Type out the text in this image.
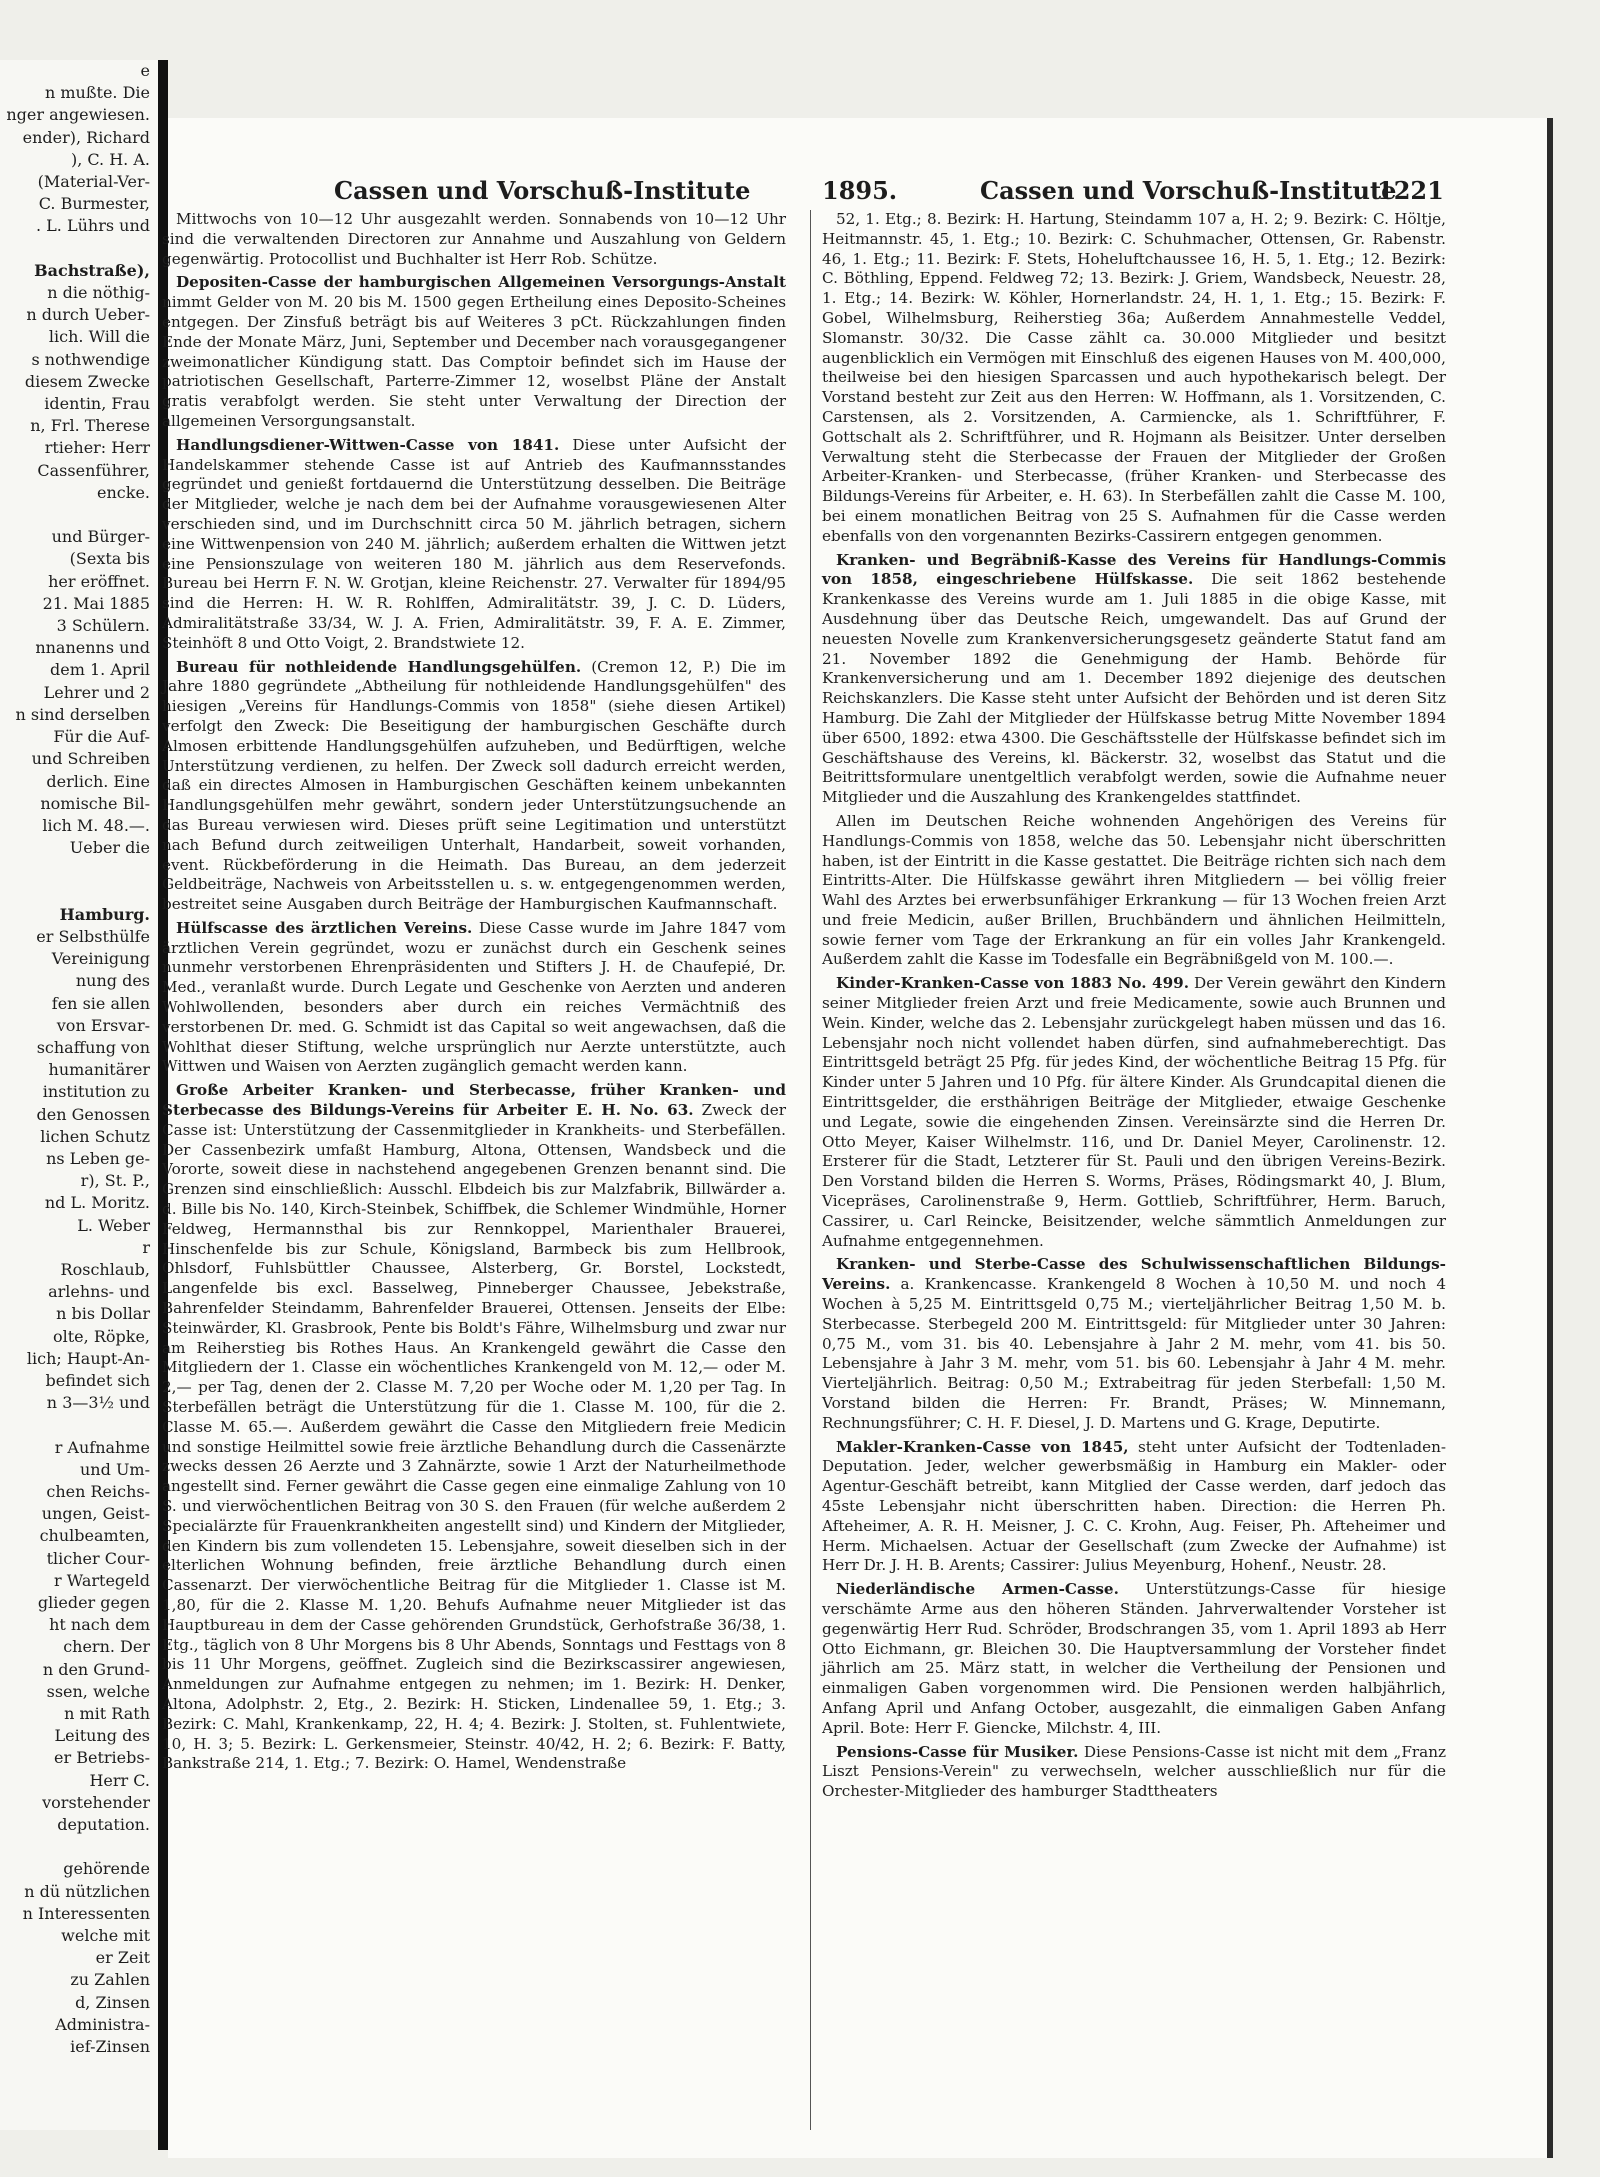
e
n mußte. Die
nger angewiesen.
ender), Richard
), C. H. A.
(Material-Ver-
C. Burmester,
. L. Lührs und

Bachstraße),
n die nöthig-
n durch Ueber-
lich. Will die
s nothwendige
diesem Zwecke
identin, Frau
n, Frl. Therese
rtieher: Herr
Cassenführer,
encke.

und Bürger-
(Sexta bis
her eröffnet.
21. Mai 1885
3 Schülern.
nnanenns und
dem 1. April
Lehrer und 2
n sind derselben
Für die Auf-
und Schreiben
derlich. Eine
nomische Bil-
lich M. 48.—.
Ueber die

Hamburg.
er Selbsthülfe
Vereinigung
nung des
fen sie allen
von Ersvar-
schaffung von
humanitärer
institution zu
den Genossen
lichen Schutz
ns Leben ge-
r), St. P.,
nd L. Moritz.
L. Weber
r
Roschlaub,
arlehns- und
n bis Dollar
olte, Röpke,
lich; Haupt-An-
befindet sich
n 3—3½ und

r Aufnahme
und Um-
chen Reichs-
ungen, Geist-
chulbeamten,
tlicher Cour-
r Wartegeld
glieder gegen
ht nach dem
chern. Der
n den Grund-
ssen, welche
n mit Rath
Leitung des
er Betriebs-
Herr C.
vorstehender
deputation.

gehörende
n dü nützlichen
n Interessenten
welche mit
er Zeit
zu Zahlen
d, Zinsen
Administra-
ief-Zinsen
Cassen und Vorschuß-Institute	1895.	Cassen und Vorschuß-Institute
1221

Mittwochs von 10—12 Uhr ausgezahlt werden. Sonnabends von 10—12 Uhr sind die verwaltenden Directoren zur Annahme und Auszahlung von Geldern gegenwärtig. Protocollist und Buchhalter ist Herr Rob. Schütze.

Depositen-Casse der hamburgischen Allgemeinen Versorgungs-Anstalt nimmt Gelder von M. 20 bis M. 1500 gegen Ertheilung eines Deposito-Scheines entgegen. Der Zinsfuß beträgt bis auf Weiteres 3 pCt. Rückzahlungen finden Ende der Monate März, Juni, September und December nach vorausgegangener zweimonatlicher Kündigung statt. Das Comptoir befindet sich im Hause der patriotischen Gesellschaft, Parterre-Zimmer 12, woselbst Pläne der Anstalt gratis verabfolgt werden. Sie steht unter Verwaltung der Direction der allgemeinen Versorgungsanstalt.

Handlungsdiener-Wittwen-Casse von 1841. Diese unter Aufsicht der Handelskammer stehende Casse ist auf Antrieb des Kaufmannsstandes gegründet und genießt fortdauernd die Unterstützung desselben. Die Beiträge der Mitglieder, welche je nach dem bei der Aufnahme vorausgewiesenen Alter verschieden sind, und im Durchschnitt circa 50 M. jährlich betragen, sichern eine Wittwenpension von 240 M. jährlich; außerdem erhalten die Wittwen jetzt eine Pensionszulage von weiteren 180 M. jährlich aus dem Reservefonds. Bureau bei Herrn F. N. W. Grotjan, kleine Reichenstr. 27. Verwalter für 1894/95 sind die Herren: H. W. R. Rohlffen, Admiralitätstr. 39, J. C. D. Lüders, Admiralitätstraße 33/34, W. J. A. Frien, Admiralitätstr. 39, F. A. E. Zimmer, Steinhöft 8 und Otto Voigt, 2. Brandstwiete 12.

Bureau für nothleidende Handlungsgehülfen. (Cremon 12, P.) Die im Jahre 1880 gegründete „Abtheilung für nothleidende Handlungsgehülfen" des hiesigen „Vereins für Handlungs-Commis von 1858" (siehe diesen Artikel) verfolgt den Zweck: Die Beseitigung der hamburgischen Geschäfte durch Almosen erbittende Handlungsgehülfen aufzuheben, und Bedürftigen, welche Unterstützung verdienen, zu helfen. Der Zweck soll dadurch erreicht werden, daß ein directes Almosen in Hamburgischen Geschäften keinem unbekannten Handlungsgehülfen mehr gewährt, sondern jeder Unterstützungsuchende an das Bureau verwiesen wird. Dieses prüft seine Legitimation und unterstützt nach Befund durch zeitweiligen Unterhalt, Handarbeit, soweit vorhanden, event. Rückbeförderung in die Heimath. Das Bureau, an dem jederzeit Geldbeiträge, Nachweis von Arbeitsstellen u. s. w. entgegengenommen werden, bestreitet seine Ausgaben durch Beiträge der Hamburgischen Kaufmannschaft.

Hülfscasse des ärztlichen Vereins. Diese Casse wurde im Jahre 1847 vom ärztlichen Verein gegründet, wozu er zunächst durch ein Geschenk seines nunmehr verstorbenen Ehrenpräsidenten und Stifters J. H. de Chaufepié, Dr. Med., veranlaßt wurde. Durch Legate und Geschenke von Aerzten und anderen Wohlwollenden, besonders aber durch ein reiches Vermächtniß des verstorbenen Dr. med. G. Schmidt ist das Capital so weit angewachsen, daß die Wohlthat dieser Stiftung, welche ursprünglich nur Aerzte unterstützte, auch Wittwen und Waisen von Aerzten zugänglich gemacht werden kann.

Große Arbeiter Kranken- und Sterbecasse, früher Kranken- und Sterbecasse des Bildungs-Vereins für Arbeiter E. H. No. 63. Zweck der Casse ist: Unterstützung der Cassenmitglieder in Krankheits- und Sterbefällen. Der Cassenbezirk umfaßt Hamburg, Altona, Ottensen, Wandsbeck und die Vororte, soweit diese in nachstehend angegebenen Grenzen benannt sind. Die Grenzen sind einschließlich: Ausschl. Elbdeich bis zur Malzfabrik, Billwärder a. d. Bille bis No. 140, Kirch-Steinbek, Schiffbek, die Schlemer Windmühle, Horner Feldweg, Hermannsthal bis zur Rennkoppel, Marienthaler Brauerei, Hinschenfelde bis zur Schule, Königsland, Barmbeck bis zum Hellbrook, Ohlsdorf, Fuhlsbüttler Chaussee, Alsterberg, Gr. Borstel, Lockstedt, Langenfelde bis excl. Basselweg, Pinneberger Chaussee, Jebekstraße, Bahrenfelder Steindamm, Bahrenfelder Brauerei, Ottensen. Jenseits der Elbe: Steinwärder, Kl. Grasbrook, Pente bis Boldt's Fähre, Wilhelmsburg und zwar nur am Reiherstieg bis Rothes Haus. An Krankengeld gewährt die Casse den Mitgliedern der 1. Classe ein wöchentliches Krankengeld von M. 12,— oder M. 2,— per Tag, denen der 2. Classe M. 7,20 per Woche oder M. 1,20 per Tag. In Sterbefällen beträgt die Unterstützung für die 1. Classe M. 100, für die 2. Classe M. 65.—. Außerdem gewährt die Casse den Mitgliedern freie Medicin und sonstige Heilmittel sowie freie ärztliche Behandlung durch die Cassenärzte zwecks dessen 26 Aerzte und 3 Zahnärzte, sowie 1 Arzt der Naturheilmethode angestellt sind. Ferner gewährt die Casse gegen eine einmalige Zahlung von 10 S. und vierwöchentlichen Beitrag von 30 S. den Frauen (für welche außerdem 2 Specialärzte für Frauenkrankheiten angestellt sind) und Kindern der Mitglieder, den Kindern bis zum vollendeten 15. Lebensjahre, soweit dieselben sich in der elterlichen Wohnung befinden, freie ärztliche Behandlung durch einen Cassenarzt. Der vierwöchentliche Beitrag für die Mitglieder 1. Classe ist M. 1,80, für die 2. Klasse M. 1,20. Behufs Aufnahme neuer Mitglieder ist das Hauptbureau in dem der Casse gehörenden Grundstück, Gerhofstraße 36/38, 1. Etg., täglich von 8 Uhr Morgens bis 8 Uhr Abends, Sonntags und Festtags von 8 bis 11 Uhr Morgens, geöffnet. Zugleich sind die Bezirkscassirer angewiesen, Anmeldungen zur Aufnahme entgegen zu nehmen; im 1. Bezirk: H. Denker, Altona, Adolphstr. 2, Etg., 2. Bezirk: H. Sticken, Lindenallee 59, 1. Etg.; 3. Bezirk: C. Mahl, Krankenkamp, 22, H. 4; 4. Bezirk: J. Stolten, st. Fuhlentwiete, 10, H. 3; 5. Bezirk: L. Gerkensmeier, Steinstr. 40/42, H. 2; 6. Bezirk: F. Batty, Bankstraße 214, 1. Etg.; 7. Bezirk: O. Hamel, Wendenstraße

52, 1. Etg.; 8. Bezirk: H. Hartung, Steindamm 107 a, H. 2; 9. Bezirk: C. Höltje, Heitmannstr. 45, 1. Etg.; 10. Bezirk: C. Schuhmacher, Ottensen, Gr. Rabenstr. 46, 1. Etg.; 11. Bezirk: F. Stets, Hoheluftchaussee 16, H. 5, 1. Etg.; 12. Bezirk: C. Böthling, Eppend. Feldweg 72; 13. Bezirk: J. Griem, Wandsbeck, Neuestr. 28, 1. Etg.; 14. Bezirk: W. Köhler, Hornerlandstr. 24, H. 1, 1. Etg.; 15. Bezirk: F. Gobel, Wilhelmsburg, Reiherstieg 36a; Außerdem Annahmestelle Veddel, Slomanstr. 30/32. Die Casse zählt ca. 30.000 Mitglieder und besitzt augenblicklich ein Vermögen mit Einschluß des eigenen Hauses von M. 400,000, theilweise bei den hiesigen Sparcassen und auch hypothekarisch belegt. Der Vorstand besteht zur Zeit aus den Herren: W. Hoffmann, als 1. Vorsitzenden, C. Carstensen, als 2. Vorsitzenden, A. Carmiencke, als 1. Schriftführer, F. Gottschalt als 2. Schriftführer, und R. Hojmann als Beisitzer. Unter derselben Verwaltung steht die Sterbecasse der Frauen der Mitglieder der Großen Arbeiter-Kranken- und Sterbecasse, (früher Kranken- und Sterbecasse des Bildungs-Vereins für Arbeiter, e. H. 63). In Sterbefällen zahlt die Casse M. 100, bei einem monatlichen Beitrag von 25 S. Aufnahmen für die Casse werden ebenfalls von den vorgenannten Bezirks-Cassirern entgegen genommen.

Kranken- und Begräbniß-Kasse des Vereins für Handlungs-Commis von 1858, eingeschriebene Hülfskasse. Die seit 1862 bestehende Krankenkasse des Vereins wurde am 1. Juli 1885 in die obige Kasse, mit Ausdehnung über das Deutsche Reich, umgewandelt. Das auf Grund der neuesten Novelle zum Krankenversicherungsgesetz geänderte Statut fand am 21. November 1892 die Genehmigung der Hamb. Behörde für Krankenversicherung und am 1. December 1892 diejenige des deutschen Reichskanzlers. Die Kasse steht unter Aufsicht der Behörden und ist deren Sitz Hamburg. Die Zahl der Mitglieder der Hülfskasse betrug Mitte November 1894 über 6500, 1892: etwa 4300. Die Geschäftsstelle der Hülfskasse befindet sich im Geschäftshause des Vereins, kl. Bäckerstr. 32, woselbst das Statut und die Beitrittsformulare unentgeltlich verabfolgt werden, sowie die Aufnahme neuer Mitglieder und die Auszahlung des Krankengeldes stattfindet.

Allen im Deutschen Reiche wohnenden Angehörigen des Vereins für Handlungs-Commis von 1858, welche das 50. Lebensjahr nicht überschritten haben, ist der Eintritt in die Kasse gestattet. Die Beiträge richten sich nach dem Eintritts-Alter. Die Hülfskasse gewährt ihren Mitgliedern — bei völlig freier Wahl des Arztes bei erwerbsunfähiger Erkrankung — für 13 Wochen freien Arzt und freie Medicin, außer Brillen, Bruchbändern und ähnlichen Heilmitteln, sowie ferner vom Tage der Erkrankung an für ein volles Jahr Krankengeld. Außerdem zahlt die Kasse im Todesfalle ein Begräbnißgeld von M. 100.—.

Kinder-Kranken-Casse von 1883 No. 499. Der Verein gewährt den Kindern seiner Mitglieder freien Arzt und freie Medicamente, sowie auch Brunnen und Wein. Kinder, welche das 2. Lebensjahr zurückgelegt haben müssen und das 16. Lebensjahr noch nicht vollendet haben dürfen, sind aufnahmeberechtigt. Das Eintrittsgeld beträgt 25 Pfg. für jedes Kind, der wöchentliche Beitrag 15 Pfg. für Kinder unter 5 Jahren und 10 Pfg. für ältere Kinder. Als Grundcapital dienen die Eintrittsgelder, die ersthährigen Beiträge der Mitglieder, etwaige Geschenke und Legate, sowie die eingehenden Zinsen. Vereinsärzte sind die Herren Dr. Otto Meyer, Kaiser Wilhelmstr. 116, und Dr. Daniel Meyer, Carolinenstr. 12. Ersterer für die Stadt, Letzterer für St. Pauli und den übrigen Vereins-Bezirk. Den Vorstand bilden die Herren S. Worms, Präses, Rödingsmarkt 40, J. Blum, Vicepräses, Carolinenstraße 9, Herm. Gottlieb, Schriftführer, Herm. Baruch, Cassirer, u. Carl Reincke, Beisitzender, welche sämmtlich Anmeldungen zur Aufnahme entgegennehmen.

Kranken- und Sterbe-Casse des Schulwissenschaftlichen Bildungs-Vereins. a. Krankencasse. Krankengeld 8 Wochen à 10,50 M. und noch 4 Wochen à 5,25 M. Eintrittsgeld 0,75 M.; vierteljährlicher Beitrag 1,50 M. b. Sterbecasse. Sterbegeld 200 M. Eintrittsgeld: für Mitglieder unter 30 Jahren: 0,75 M., vom 31. bis 40. Lebensjahre à Jahr 2 M. mehr, vom 41. bis 50. Lebensjahre à Jahr 3 M. mehr, vom 51. bis 60. Lebensjahr à Jahr 4 M. mehr. Vierteljährlich. Beitrag: 0,50 M.; Extrabeitrag für jeden Sterbefall: 1,50 M. Vorstand bilden die Herren: Fr. Brandt, Präses; W. Minnemann, Rechnungsführer; C. H. F. Diesel, J. D. Martens und G. Krage, Deputirte.

Makler-Kranken-Casse von 1845, steht unter Aufsicht der Todtenladen-Deputation. Jeder, welcher gewerbsmäßig in Hamburg ein Makler- oder Agentur-Geschäft betreibt, kann Mitglied der Casse werden, darf jedoch das 45ste Lebensjahr nicht überschritten haben. Direction: die Herren Ph. Afteheimer, A. R. H. Meisner, J. C. C. Krohn, Aug. Feiser, Ph. Afteheimer und Herm. Michaelsen. Actuar der Gesellschaft (zum Zwecke der Aufnahme) ist Herr Dr. J. H. B. Arents; Cassirer: Julius Meyenburg, Hohenf., Neustr. 28.

Niederländische Armen-Casse. Unterstützungs-Casse für hiesige verschämte Arme aus den höheren Ständen. Jahrverwaltender Vorsteher ist gegenwärtig Herr Rud. Schröder, Brodschrangen 35, vom 1. April 1893 ab Herr Otto Eichmann, gr. Bleichen 30. Die Hauptversammlung der Vorsteher findet jährlich am 25. März statt, in welcher die Vertheilung der Pensionen und einmaligen Gaben vorgenommen wird. Die Pensionen werden halbjährlich, Anfang April und Anfang October, ausgezahlt, die einmaligen Gaben Anfang April. Bote: Herr F. Giencke, Milchstr. 4, III.

Pensions-Casse für Musiker. Diese Pensions-Casse ist nicht mit dem „Franz Liszt Pensions-Verein" zu verwechseln, welcher ausschließlich nur für die Orchester-Mitglieder des hamburger Stadttheaters
